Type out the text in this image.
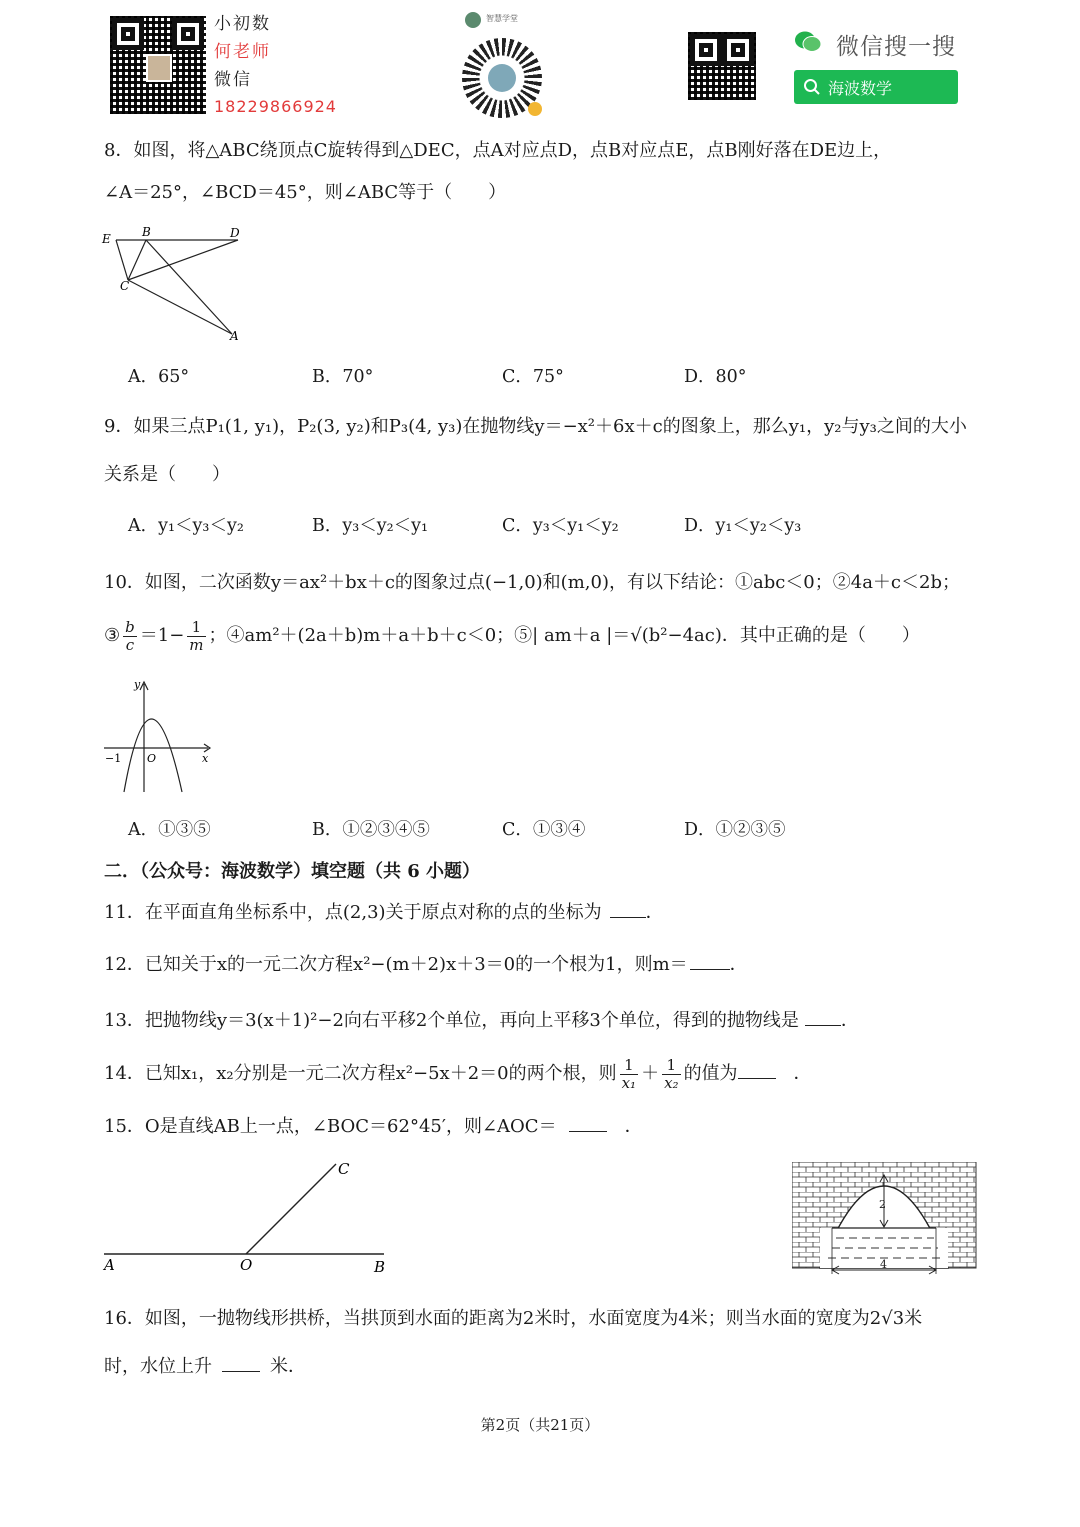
小初数
何老师
微信
18229866924
智慧学堂
微信搜一搜
海波数学
8．如图，将△ABC绕顶点C旋转得到△DEC，点A对应点D，点B对应点E，点B刚好落在DE边上，
∠A＝25°，∠BCD＝45°，则∠ABC等于（　　）
E	B	D
C
A
A．65°	B．70°	C．75°	D．80°
9．如果三点P₁(1, y₁)，P₂(3, y₂)和P₃(4, y₃)在抛物线y＝−x²＋6x＋c的图象上，那么y₁，y₂与y₃之间的大小
关系是（　　）
A．y₁＜y₃＜y₂	B．y₃＜y₂＜y₁	C．y₃＜y₁＜y₂	D．y₁＜y₂＜y₃
10．如图，二次函数y＝ax²＋bx＋c的图象过点(−1,0)和(m,0)，有以下结论：①abc＜0；②4a＋c＜2b；
③ $\frac{b}{c} =1- \frac{1}{m}$ ；④am²＋(2a＋b)m＋a＋b＋c＜0；⑤| am＋a |＝√(b²−4ac)．其中正确的是（　　）
y
x
O
−1
A．①③⑤	B．①②③④⑤	C．①③④	D．①②③⑤
二．（公众号：海波数学）填空题（共 6 小题）
11．在平面直角坐标系中，点(2,3)关于原点对称的点的坐标为 ．
12．已知关于x的一元二次方程x²−(m＋2)x＋3＝0的一个根为1，则m＝ ．
13．把抛物线y＝3(x＋1)²−2向右平移2个单位，再向上平移3个单位，得到的抛物线是 ．
14．已知x₁，x₂分别是一元二次方程x²−5x＋2＝0的两个根，则 $\frac{1}{\text{x₁}} + \frac{1}{\text{x₂}}$ 的值为　．
15．O是直线AB上一点，∠BOC＝62°45′，则∠AOC＝	　．
A	O	B
C
2
4
16．如图，一抛物线形拱桥，当拱顶到水面的距离为2米时，水面宽度为4米；则当水面的宽度为2√3米
时，水位上升	米．
第2页（共21页）
